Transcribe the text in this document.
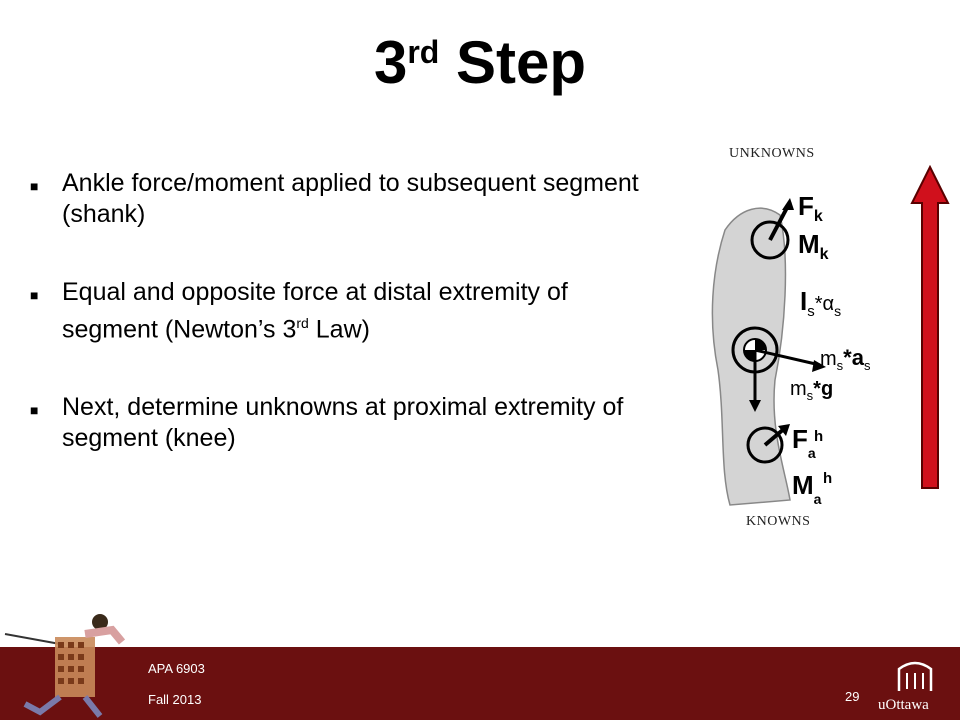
3rd Step
■ Ankle force/moment applied to subsequent segment (shank)
■ Equal and opposite force at distal extremity of segment (Newton’s 3rd Law)
■ Next, determine unknowns at proximal extremity of segment (knee)
UNKNOWNS
KNOWNS
$F_k$
$M_k$
$I_s^{*\alpha}_s$
$m_s*a_s$
$m_s*g$
$F_a$
$M_a$
h
h
APA 6903
Fall 2013	29
uOttawa
